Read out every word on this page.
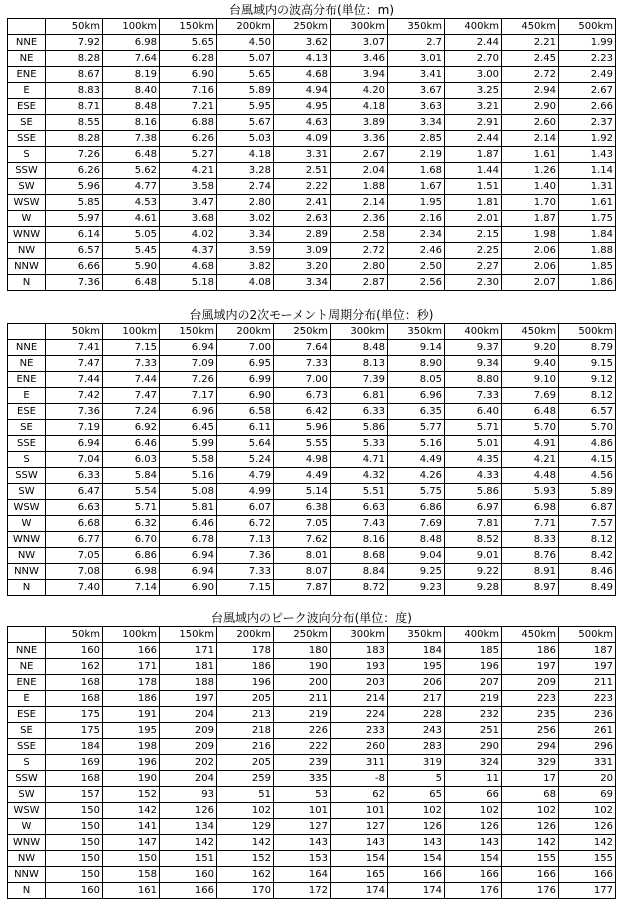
台風域内の波高分布(単位：m)
	50km	100km	150km	200km	250km	300km	350km	400km	450km	500km
NNE	7.92	6.98	5.65	4.50	3.62	3.07	2.7	2.44	2.21	1.99
NE	8.28	7.64	6.28	5.07	4.13	3.46	3.01	2.70	2.45	2.23
ENE	8.67	8.19	6.90	5.65	4.68	3.94	3.41	3.00	2.72	2.49
E	8.83	8.40	7.16	5.89	4.94	4.20	3.67	3.25	2.94	2.67
ESE	8.71	8.48	7.21	5.95	4.95	4.18	3.63	3.21	2.90	2.66
SE	8.55	8.16	6.88	5.67	4.63	3.89	3.34	2.91	2.60	2.37
SSE	8.28	7.38	6.26	5.03	4.09	3.36	2.85	2.44	2.14	1.92
S	7.26	6.48	5.27	4.18	3.31	2.67	2.19	1.87	1.61	1.43
SSW	6.26	5.62	4.21	3.28	2.51	2.04	1.68	1.44	1.26	1.14
SW	5.96	4.77	3.58	2.74	2.22	1.88	1.67	1.51	1.40	1.31
WSW	5.85	4.53	3.47	2.80	2.41	2.14	1.95	1.81	1.70	1.61
W	5.97	4.61	3.68	3.02	2.63	2.36	2.16	2.01	1.87	1.75
WNW	6.14	5.05	4.02	3.34	2.89	2.58	2.34	2.15	1.98	1.84
NW	6.57	5.45	4.37	3.59	3.09	2.72	2.46	2.25	2.06	1.88
NNW	6.66	5.90	4.68	3.82	3.20	2.80	2.50	2.27	2.06	1.85
N	7.36	6.48	5.18	4.08	3.34	2.87	2.56	2.30	2.07	1.86
台風域内の2次モーメント周期分布(単位：秒)
	50km	100km	150km	200km	250km	300km	350km	400km	450km	500km
NNE	7.41	7.15	6.94	7.00	7.64	8.48	9.14	9.37	9.20	8.79
NE	7.47	7.33	7.09	6.95	7.33	8.13	8.90	9.34	9.40	9.15
ENE	7.44	7.44	7.26	6.99	7.00	7.39	8.05	8.80	9.10	9.12
E	7.42	7.47	7.17	6.90	6.73	6.81	6.96	7.33	7.69	8.12
ESE	7.36	7.24	6.96	6.58	6.42	6.33	6.35	6.40	6.48	6.57
SE	7.19	6.92	6.45	6.11	5.96	5.86	5.77	5.71	5.70	5.70
SSE	6.94	6.46	5.99	5.64	5.55	5.33	5.16	5.01	4.91	4.86
S	7.04	6.03	5.58	5.24	4.98	4.71	4.49	4.35	4.21	4.15
SSW	6.33	5.84	5.16	4.79	4.49	4.32	4.26	4.33	4.48	4.56
SW	6.47	5.54	5.08	4.99	5.14	5.51	5.75	5.86	5.93	5.89
WSW	6.63	5.71	5.81	6.07	6.38	6.63	6.86	6.97	6.98	6.87
W	6.68	6.32	6.46	6.72	7.05	7.43	7.69	7.81	7.71	7.57
WNW	6.77	6.70	6.78	7.13	7.62	8.16	8.48	8.52	8.33	8.12
NW	7.05	6.86	6.94	7.36	8.01	8.68	9.04	9.01	8.76	8.42
NNW	7.08	6.98	6.94	7.33	8.07	8.84	9.25	9.22	8.91	8.46
N	7.40	7.14	6.90	7.15	7.87	8.72	9.23	9.28	8.97	8.49
台風域内のピーク波向分布(単位：度)
	50km	100km	150km	200km	250km	300km	350km	400km	450km	500km
NNE	160	166	171	178	180	183	184	185	186	187
NE	162	171	181	186	190	193	195	196	197	197
ENE	168	178	188	196	200	203	206	207	209	211
E	168	186	197	205	211	214	217	219	223	223
ESE	175	191	204	213	219	224	228	232	235	236
SE	175	195	209	218	226	233	243	251	256	261
SSE	184	198	209	216	222	260	283	290	294	296
S	169	196	202	205	239	311	319	324	329	331
SSW	168	190	204	259	335	-8	5	11	17	20
SW	157	152	93	51	53	62	65	66	68	69
WSW	150	142	126	102	101	101	102	102	102	102
W	150	141	134	129	127	127	126	126	126	126
WNW	150	147	142	142	143	143	143	143	142	142
NW	150	150	151	152	153	154	154	154	155	155
NNW	150	158	160	162	164	165	166	166	166	166
N	160	161	166	170	172	174	174	176	176	177
